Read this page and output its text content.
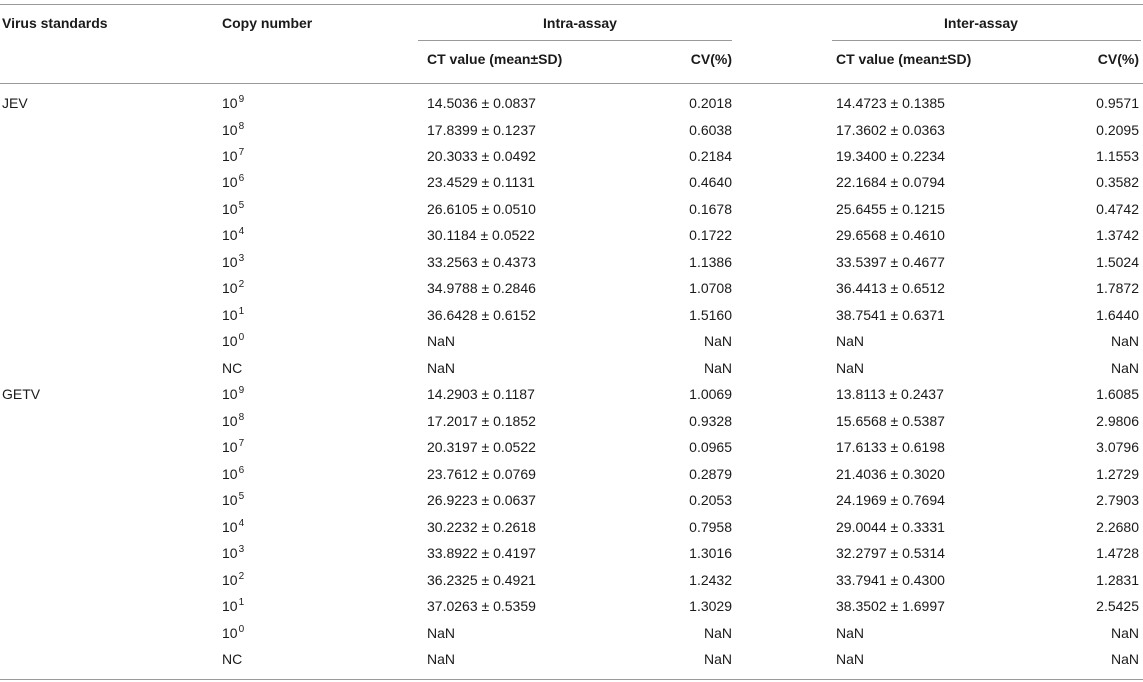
Virus standards	Copy number	Intra-assay	Inter-assay
CT value (mean±SD)	CV(%)	CT value (mean±SD)	CV(%)
JEV	$10^9$	14.5036 ± 0.0837	0.2018	14.4723 ± 0.1385	0.9571
$10^8$	17.8399 ± 0.1237	0.6038	17.3602 ± 0.0363	0.2095
$10^7$	20.3033 ± 0.0492	0.2184	19.3400 ± 0.2234	1.1553
$10^6$	23.4529 ± 0.1131	0.4640	22.1684 ± 0.0794	0.3582
$10^5$	26.6105 ± 0.0510	0.1678	25.6455 ± 0.1215	0.4742
$10^4$	30.1184 ± 0.0522	0.1722	29.6568 ± 0.4610	1.3742
$10^3$	33.2563 ± 0.4373	1.1386	33.5397 ± 0.4677	1.5024
$10^2$	34.9788 ± 0.2846	1.0708	36.4413 ± 0.6512	1.7872
$10^1$	36.6428 ± 0.6152	1.5160	38.7541 ± 0.6371	1.6440
$10^0$	NaN	NaN	NaN	NaN
NC	NaN	NaN	NaN	NaN
GETV	$10^9$	14.2903 ± 0.1187	1.0069	13.8113 ± 0.2437	1.6085
$10^8$	17.2017 ± 0.1852	0.9328	15.6568 ± 0.5387	2.9806
$10^7$	20.3197 ± 0.0522	0.0965	17.6133 ± 0.6198	3.0796
$10^6$	23.7612 ± 0.0769	0.2879	21.4036 ± 0.3020	1.2729
$10^5$	26.9223 ± 0.0637	0.2053	24.1969 ± 0.7694	2.7903
$10^4$	30.2232 ± 0.2618	0.7958	29.0044 ± 0.3331	2.2680
$10^3$	33.8922 ± 0.4197	1.3016	32.2797 ± 0.5314	1.4728
$10^2$	36.2325 ± 0.4921	1.2432	33.7941 ± 0.4300	1.2831
$10^1$	37.0263 ± 0.5359	1.3029	38.3502 ± 1.6997	2.5425
$10^0$	NaN	NaN	NaN	NaN
NC	NaN	NaN	NaN	NaN
